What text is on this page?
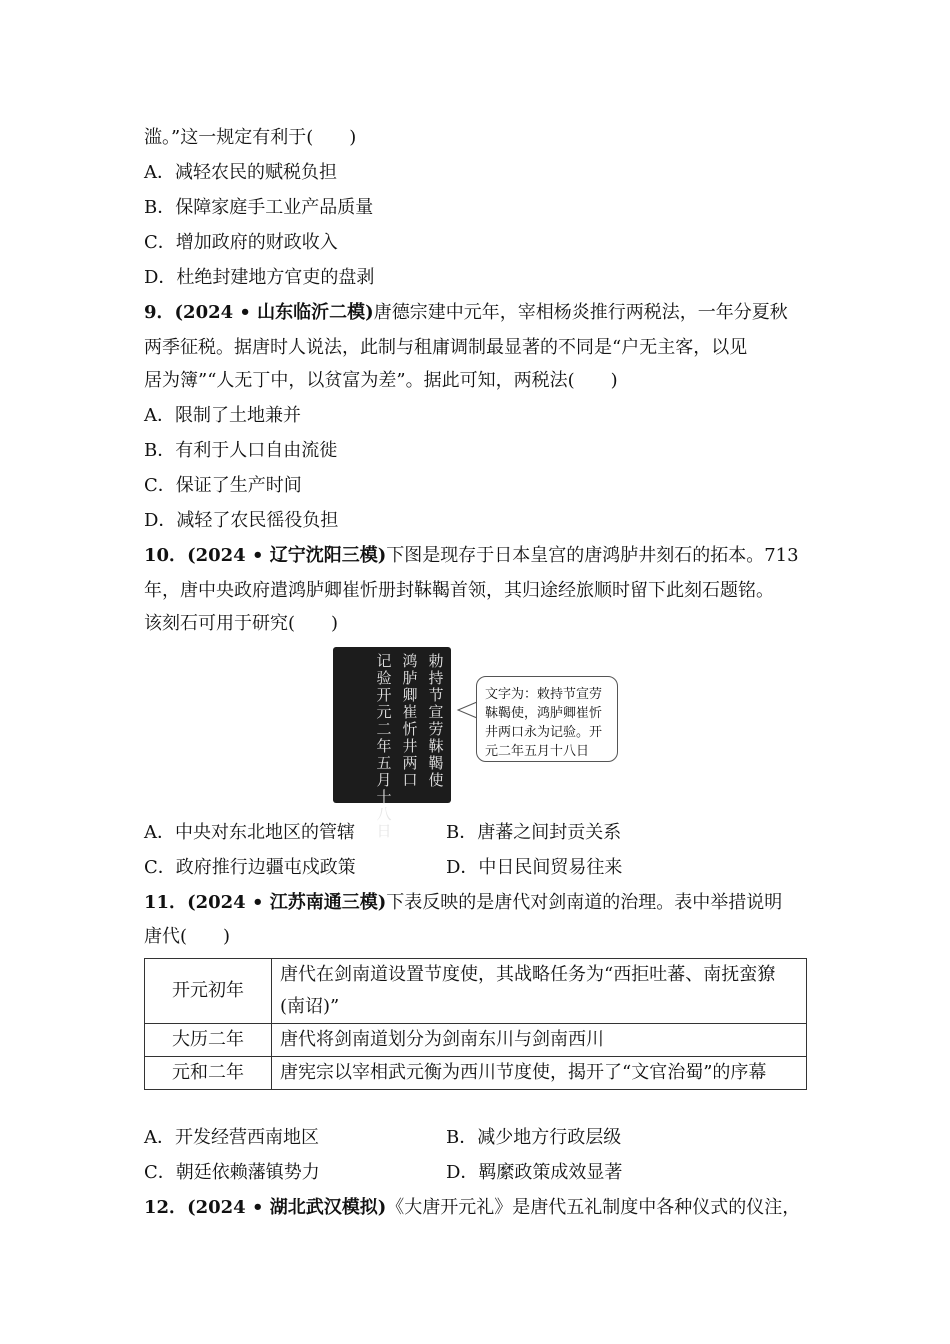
滥。”这一规定有利于(　　)
A．减轻农民的赋税负担
B．保障家庭手工业产品质量
C．增加政府的财政收入
D．杜绝封建地方官吏的盘剥
9．(2024 • 山东临沂二模)唐德宗建中元年，宰相杨炎推行两税法，一年分夏秋
两季征税。据唐时人说法，此制与租庸调制最显著的不同是“户无主客，以见
居为簿”“人无丁中，以贫富为差”。据此可知，两税法(　　)
A．限制了土地兼并
B．有利于人口自由流徙
C．保证了生产时间
D．减轻了农民徭役负担
10．(2024 • 辽宁沈阳三模)下图是现存于日本皇宫的唐鸿胪井刻石的拓本。713
年，唐中央政府遣鸿胪卿崔忻册封靺鞨首领，其归途经旅顺时留下此刻石题铭。
该刻石可用于研究(　　)
勅持节宣劳靺鞨使
鸿胪卿崔忻井两口
记验开元二年五月十八日
文字为：敕持节宣劳靺鞨使，鸿胪卿崔忻井两口永为记验。开元二年五月十八日
A．中央对东北地区的管辖	B．唐蕃之间封贡关系
C．政府推行边疆屯戍政策	D．中日民间贸易往来
11．(2024 • 江苏南通三模)下表反映的是唐代对剑南道的治理。表中举措说明
唐代(　　)
开元初年	唐代在剑南道设置节度使，其战略任务为“西拒吐蕃、南抚蛮獠(南诏)”
大历二年	唐代将剑南道划分为剑南东川与剑南西川
元和二年	唐宪宗以宰相武元衡为西川节度使，揭开了“文官治蜀”的序幕
A．开发经营西南地区	B．减少地方行政层级
C．朝廷依赖藩镇势力	D．羁縻政策成效显著
12．(2024 • 湖北武汉模拟)《大唐开元礼》是唐代五礼制度中各种仪式的仪注，
